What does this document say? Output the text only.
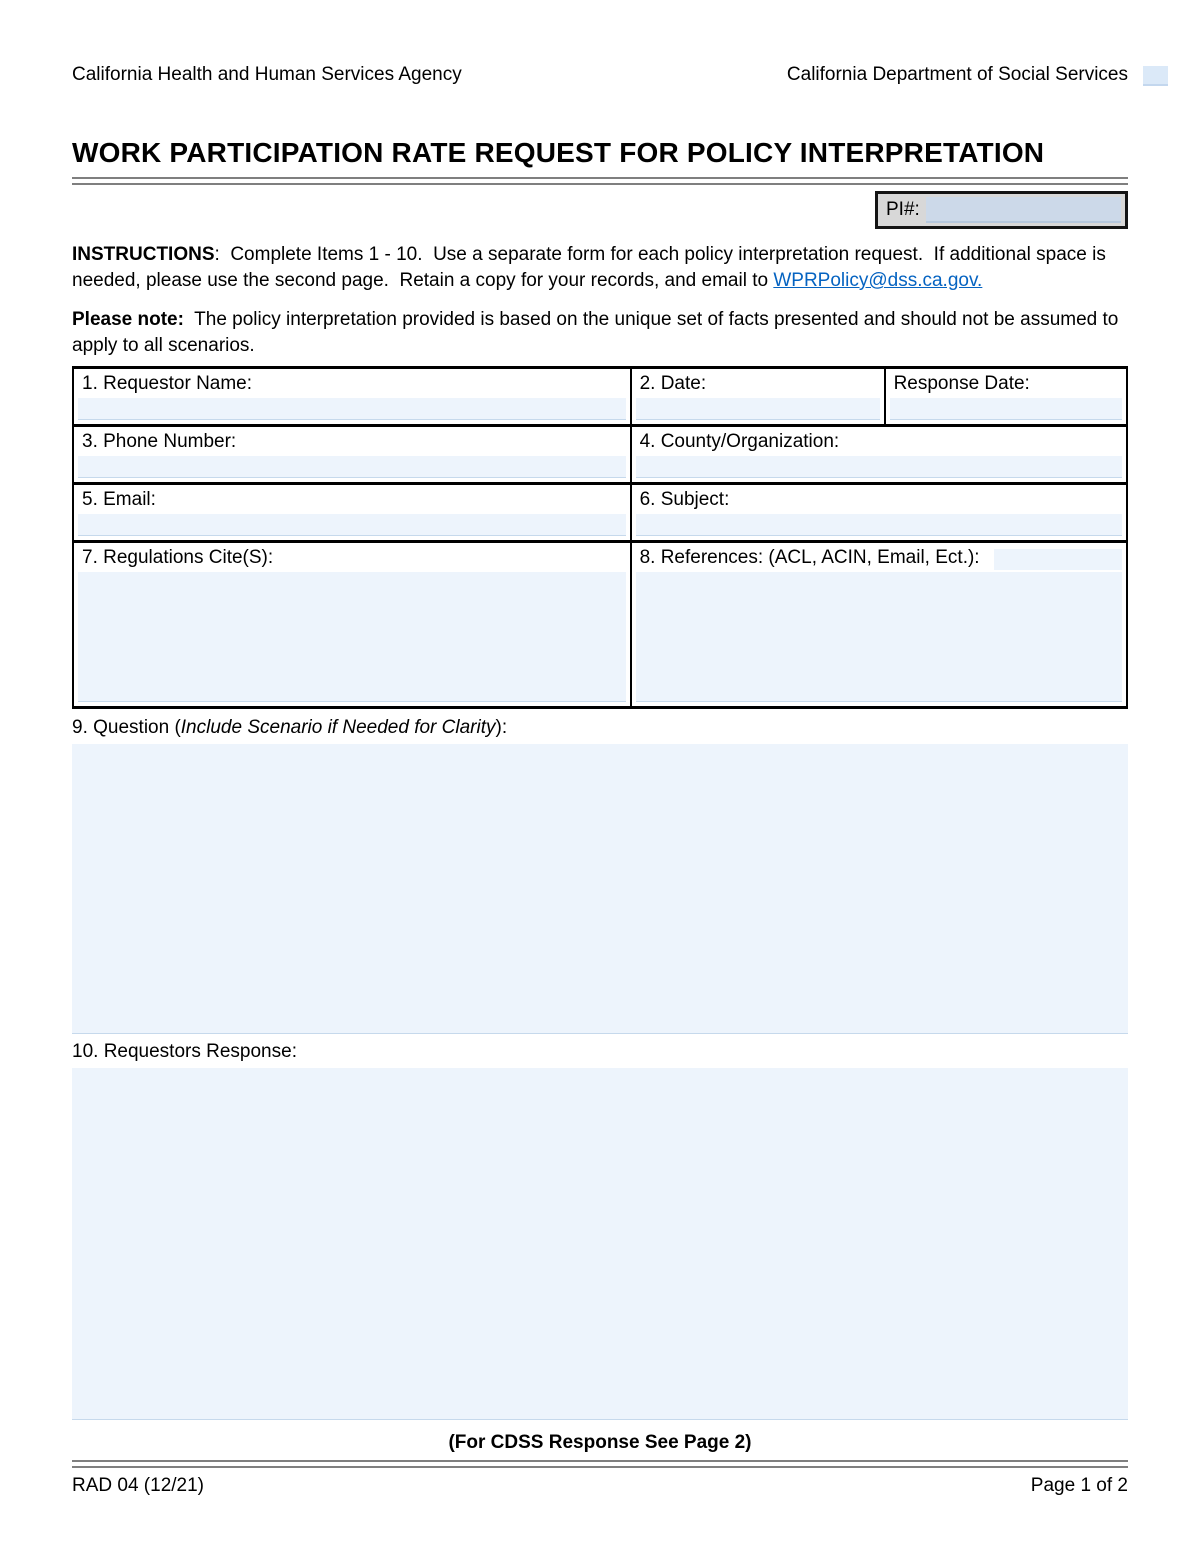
California Health and Human Services Agency	California Department of Social Services
WORK PARTICIPATION RATE REQUEST FOR POLICY INTERPRETATION
PI#:

INSTRUCTIONS:  Complete Items 1 - 10.  Use a separate form for each policy interpretation request.  If additional space is needed, please use the second page.  Retain a copy for your records, and email to WPRPolicy@dss.ca.gov.

Please note:  The policy interpretation provided is based on the unique set of facts presented and should not be assumed to apply to all scenarios.

1. Requestor Name:	2. Date:	Response Date:

3. Phone Number:	4. County/Organization:	

5. Email:	6. Subject:	

7. Regulations Cite(S):	8. References: (ACL, ACIN, Email, Ect.):	
9. Question (Include Scenario if Needed for Clarity):
10. Requestors Response:
(For CDSS Response See Page 2)
RAD 04 (12/21)	Page 1 of 2
